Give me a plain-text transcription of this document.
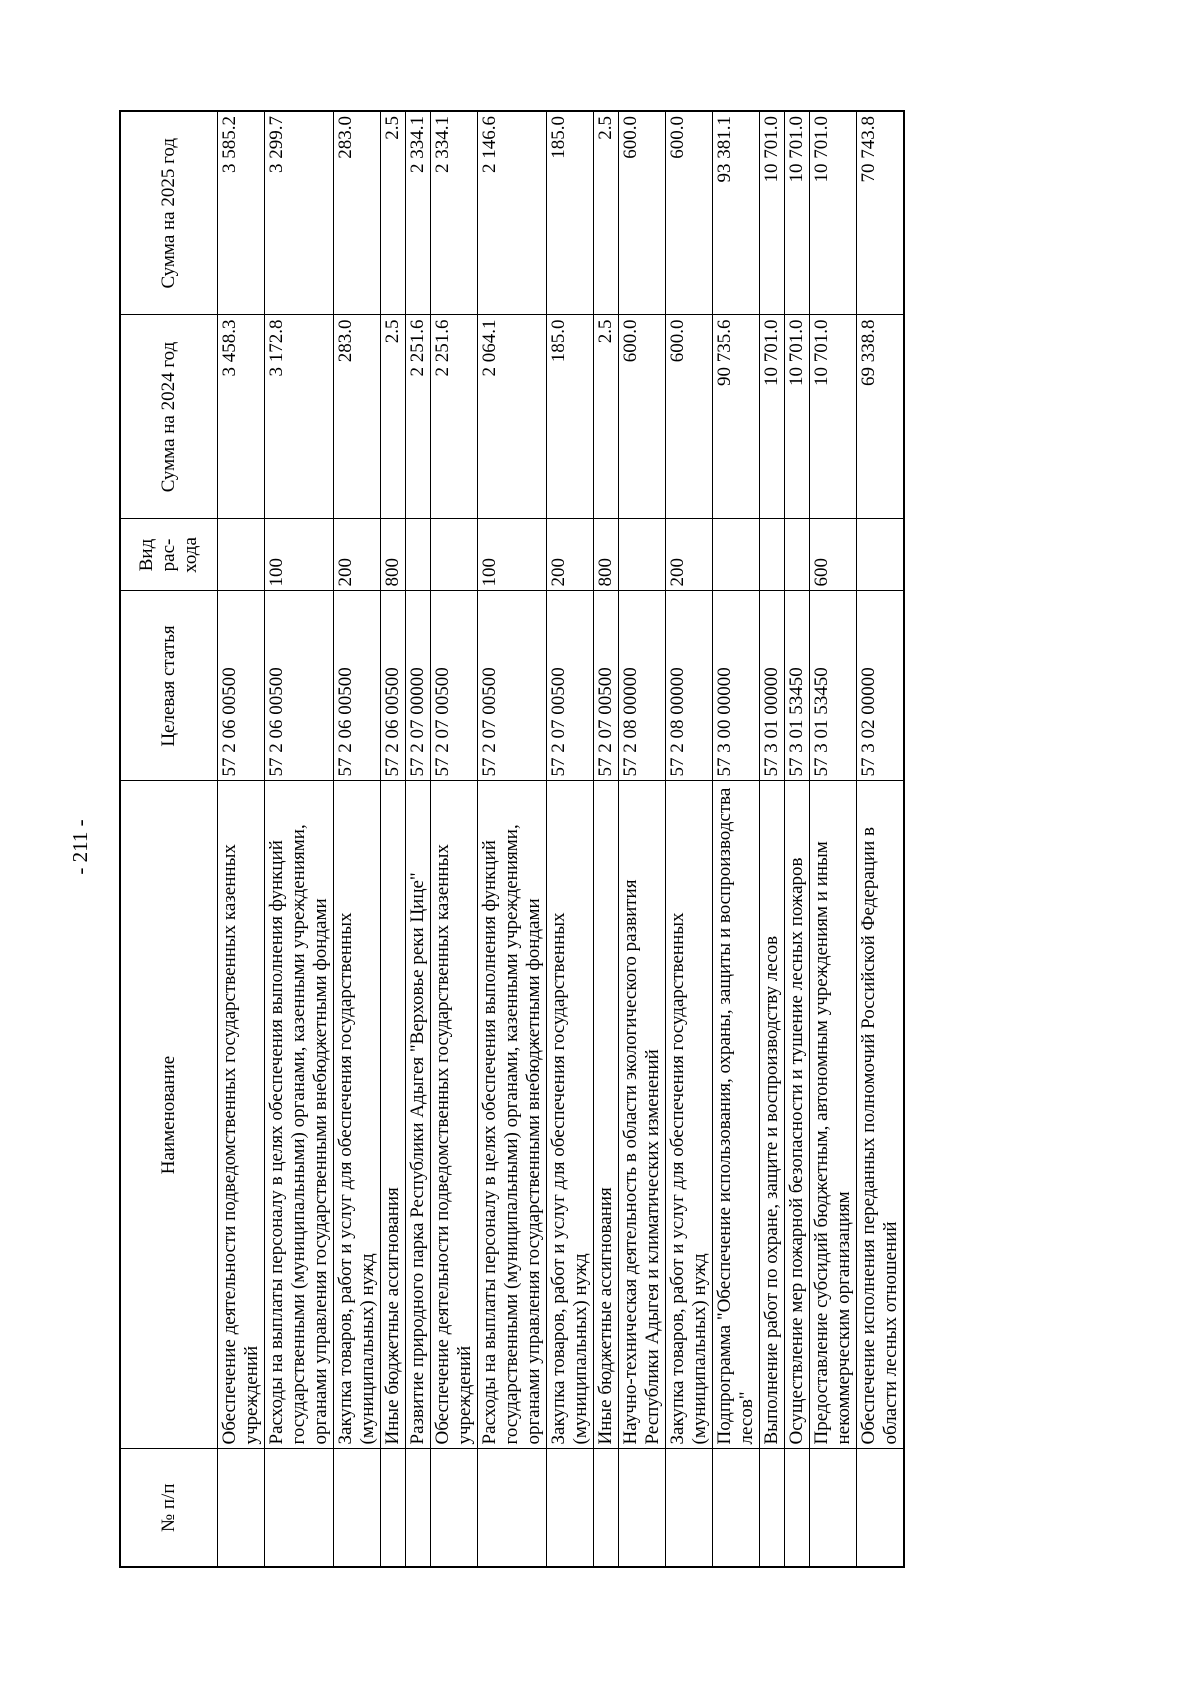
- 211 -
№ п/п	Наименование	Целевая статья	Вид рас-хода	Сумма на 2024 год	Сумма на 2025 год
	Обеспечение деятельности подведомственных государственных казенных учреждений	57 2 06 00500		3 458.3	3 585.2
	Расходы на выплаты персоналу в целях обеспечения выполнения функций государственными (муниципальными) органами, казенными учреждениями, органами управления государственными внебюджетными фондами	57 2 06 00500	100	3 172.8	3 299.7
	Закупка товаров, работ и услуг для обеспечения государственных (муниципальных) нужд	57 2 06 00500	200	283.0	283.0
	Иные бюджетные ассигнования	57 2 06 00500	800	2.5	2.5
	Развитие природного парка Республики Адыгея "Верховье реки Цице"	57 2 07 00000		2 251.6	2 334.1
	Обеспечение деятельности подведомственных государственных казенных учреждений	57 2 07 00500		2 251.6	2 334.1
	Расходы на выплаты персоналу в целях обеспечения выполнения функций государственными (муниципальными) органами, казенными учреждениями, органами управления государственными внебюджетными фондами	57 2 07 00500	100	2 064.1	2 146.6
	Закупка товаров, работ и услуг для обеспечения государственных (муниципальных) нужд	57 2 07 00500	200	185.0	185.0
	Иные бюджетные ассигнования	57 2 07 00500	800	2.5	2.5
	Научно-техническая деятельность в области экологического развития Республики Адыгея и климатических изменений	57 2 08 00000		600.0	600.0
	Закупка товаров, работ и услуг для обеспечения государственных (муниципальных) нужд	57 2 08 00000	200	600.0	600.0
	Подпрограмма "Обеспечение использования, охраны, защиты и воспроизводства лесов"	57 3 00 00000		90 735.6	93 381.1
	Выполнение работ по охране, защите и воспроизводству лесов	57 3 01 00000		10 701.0	10 701.0
	Осуществление мер пожарной безопасности и тушение лесных пожаров	57 3 01 53450		10 701.0	10 701.0
	Предоставление субсидий бюджетным, автономным учреждениям и иным некоммерческим организациям	57 3 01 53450	600	10 701.0	10 701.0
	Обеспечение исполнения переданных полномочий Российской Федерации в области лесных отношений	57 3 02 00000		69 338.8	70 743.8
